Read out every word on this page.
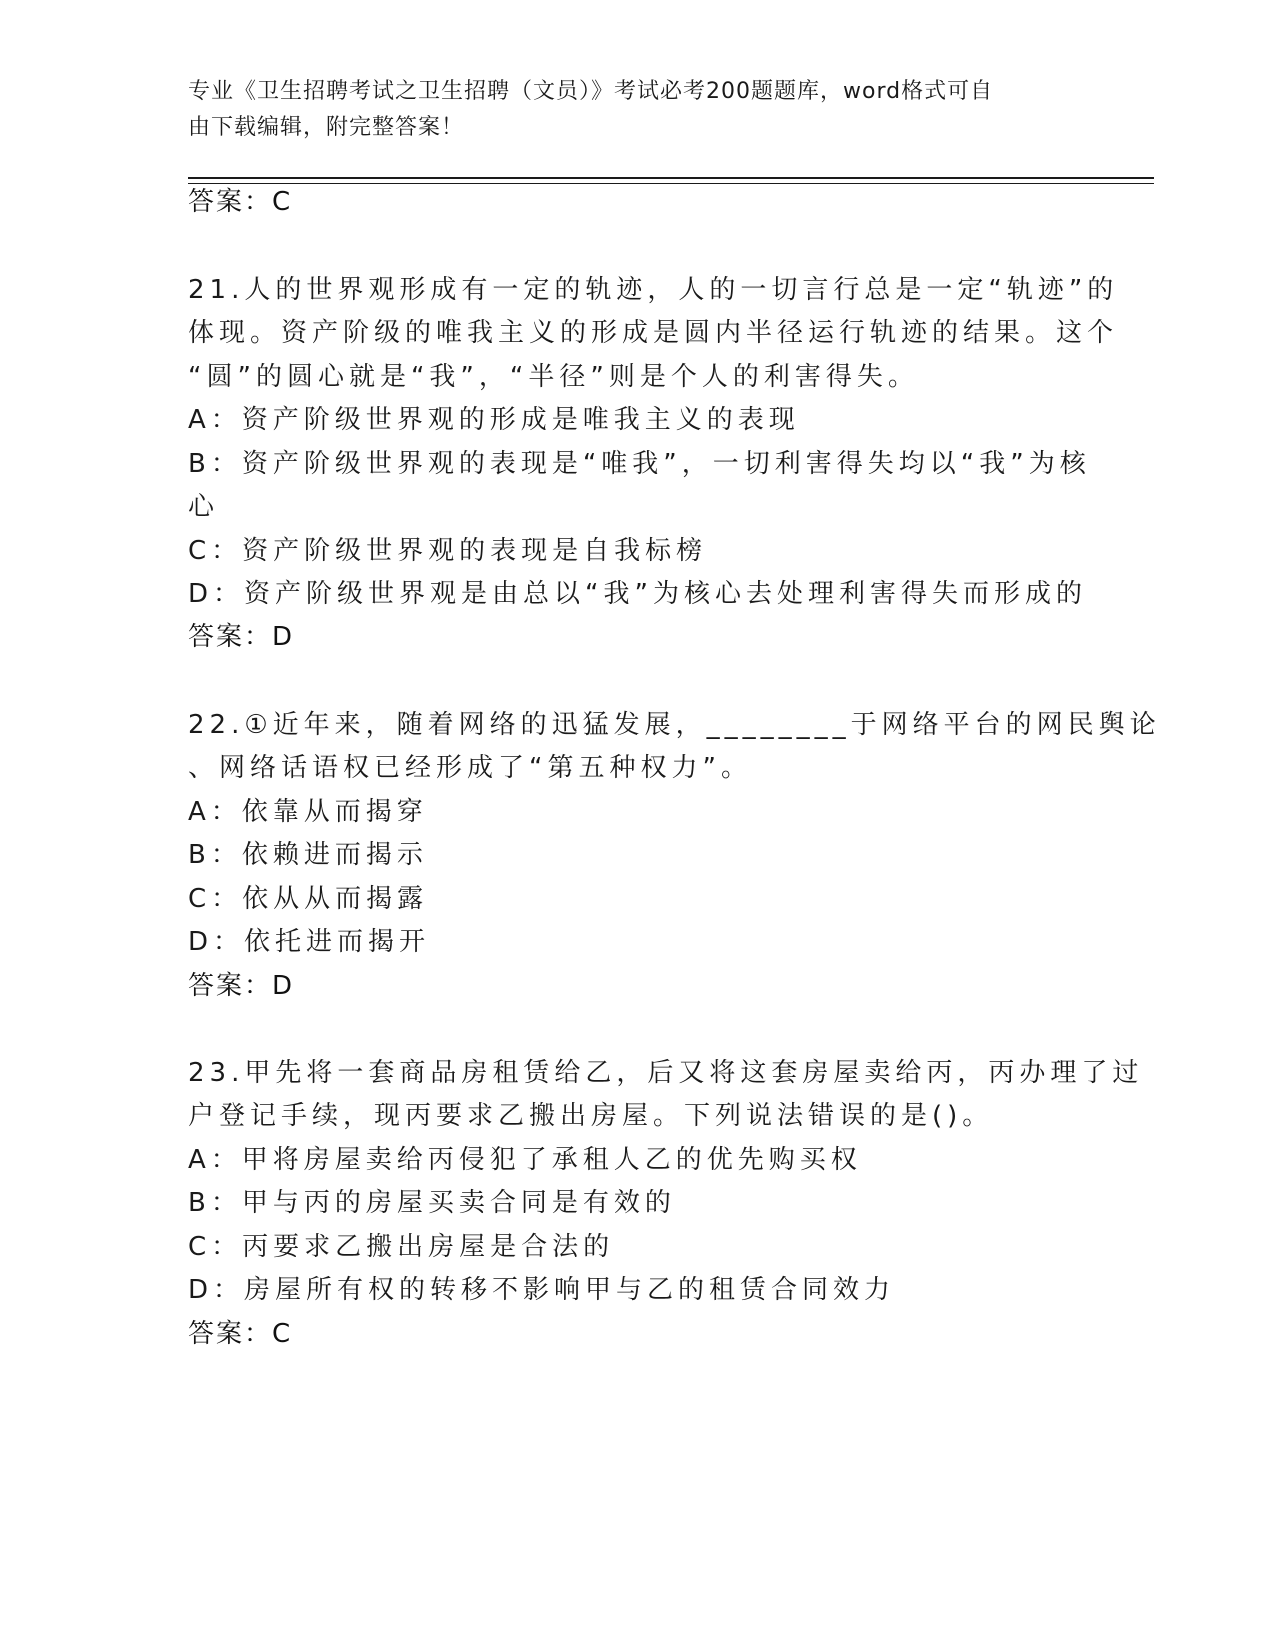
专业《卫生招聘考试之卫生招聘（文员）》考试必考200题题库，word格式可自
由下载编辑，附完整答案！
答案：C
21.人的世界观形成有一定的轨迹，人的一切言行总是一定“轨迹”的
体现。资产阶级的唯我主义的形成是圆内半径运行轨迹的结果。这个
“圆”的圆心就是“我”，“半径”则是个人的利害得失。
A：资产阶级世界观的形成是唯我主义的表现
B：资产阶级世界观的表现是“唯我”，一切利害得失均以“我”为核
心
C：资产阶级世界观的表现是自我标榜
D：资产阶级世界观是由总以“我”为核心去处理利害得失而形成的
答案：D
22.①近年来，随着网络的迅猛发展，________于网络平台的网民舆论
、网络话语权已经形成了“第五种权力”。
A：依靠从而揭穿
B：依赖进而揭示
C：依从从而揭露
D：依托进而揭开
答案：D
23.甲先将一套商品房租赁给乙，后又将这套房屋卖给丙，丙办理了过
户登记手续，现丙要求乙搬出房屋。下列说法错误的是()。
A：甲将房屋卖给丙侵犯了承租人乙的优先购买权
B：甲与丙的房屋买卖合同是有效的
C：丙要求乙搬出房屋是合法的
D：房屋所有权的转移不影响甲与乙的租赁合同效力
答案：C
